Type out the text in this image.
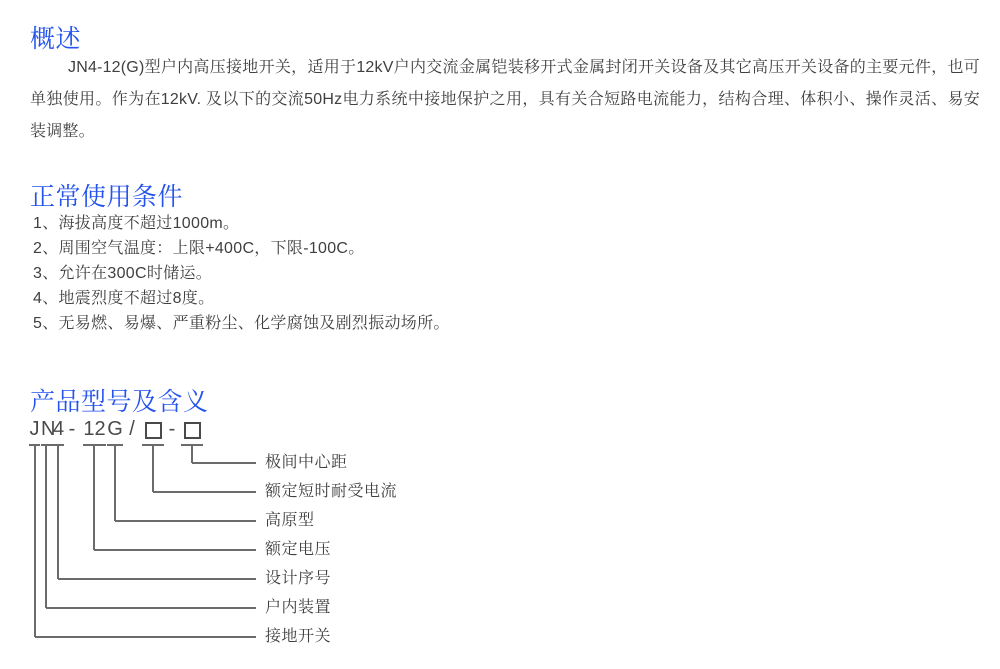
概述

JN4-12(G)型户内高压接地开关，适用于12kV户内交流金属铠装移开式金属封闭开关设备及其它高压开关设备的主要元件，也可单独使用。作为在12kV. 及以下的交流50Hz电力系统中接地保护之用，具有关合短路电流能力，结构合理、体积小、操作灵活、易安装调整。

正常使用条件
1、海拔高度不超过1000m。
2、周围空气温度：上限+400C，下限-100C。
3、允许在300C时储运。
4、地震烈度不超过8度。
5、无易燃、易爆、严重粉尘、化学腐蚀及剧烈振动场所。
产品型号及含义
J N
4 - 12 G / -
极间中心距
额定短时耐受电流
高原型
额定电压
设计序号
户内装置
接地开关
